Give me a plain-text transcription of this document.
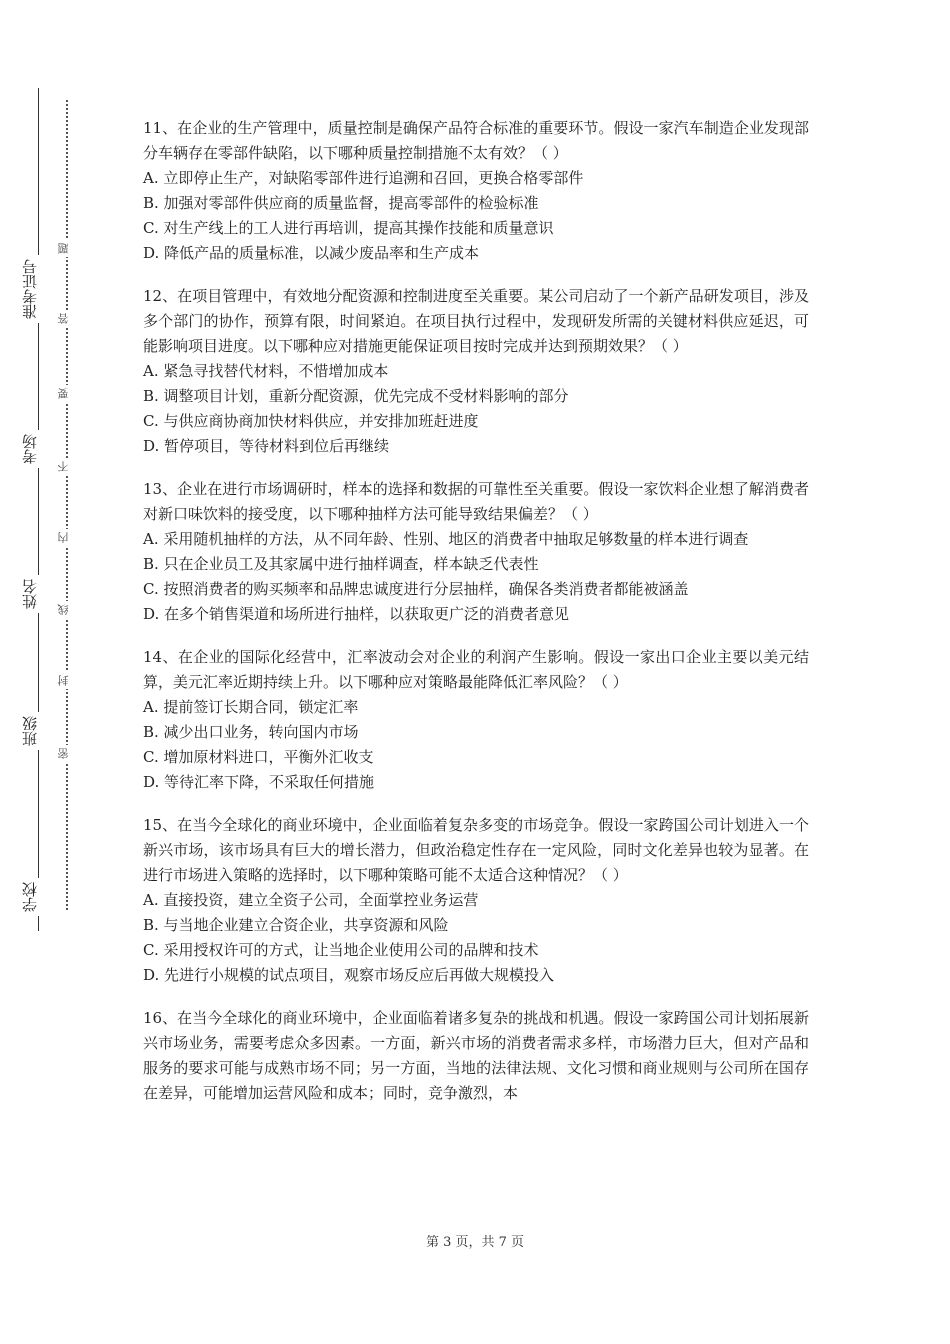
准考证号
考场
姓名
班级
学校
题
答
要
不
内
线
封
密

11、在企业的生产管理中，质量控制是确保产品符合标准的重要环节。假设一家汽车制造企业发现部分车辆存在零部件缺陷，以下哪种质量控制措施不太有效？（ ）

A. 立即停止生产，对缺陷零部件进行追溯和召回，更换合格零部件

B. 加强对零部件供应商的质量监督，提高零部件的检验标准

C. 对生产线上的工人进行再培训，提高其操作技能和质量意识

D. 降低产品的质量标准，以减少废品率和生产成本

12、在项目管理中，有效地分配资源和控制进度至关重要。某公司启动了一个新产品研发项目，涉及多个部门的协作，预算有限，时间紧迫。在项目执行过程中，发现研发所需的关键材料供应延迟，可能影响项目进度。以下哪种应对措施更能保证项目按时完成并达到预期效果？（ ）

A. 紧急寻找替代材料，不惜增加成本

B. 调整项目计划，重新分配资源，优先完成不受材料影响的部分

C. 与供应商协商加快材料供应，并安排加班赶进度

D. 暂停项目，等待材料到位后再继续

13、企业在进行市场调研时，样本的选择和数据的可靠性至关重要。假设一家饮料企业想了解消费者对新口味饮料的接受度，以下哪种抽样方法可能导致结果偏差？（ ）

A. 采用随机抽样的方法，从不同年龄、性别、地区的消费者中抽取足够数量的样本进行调查

B. 只在企业员工及其家属中进行抽样调查，样本缺乏代表性

C. 按照消费者的购买频率和品牌忠诚度进行分层抽样，确保各类消费者都能被涵盖

D. 在多个销售渠道和场所进行抽样，以获取更广泛的消费者意见

14、在企业的国际化经营中，汇率波动会对企业的利润产生影响。假设一家出口企业主要以美元结算，美元汇率近期持续上升。以下哪种应对策略最能降低汇率风险？（ ）

A. 提前签订长期合同，锁定汇率

B. 减少出口业务，转向国内市场

C. 增加原材料进口，平衡外汇收支

D. 等待汇率下降，不采取任何措施

15、在当今全球化的商业环境中，企业面临着复杂多变的市场竞争。假设一家跨国公司计划进入一个新兴市场，该市场具有巨大的增长潜力，但政治稳定性存在一定风险，同时文化差异也较为显著。在进行市场进入策略的选择时，以下哪种策略可能不太适合这种情况？（ ）

A. 直接投资，建立全资子公司，全面掌控业务运营

B. 与当地企业建立合资企业，共享资源和风险

C. 采用授权许可的方式，让当地企业使用公司的品牌和技术

D. 先进行小规模的试点项目，观察市场反应后再做大规模投入

16、在当今全球化的商业环境中，企业面临着诸多复杂的挑战和机遇。假设一家跨国公司计划拓展新兴市场业务，需要考虑众多因素。一方面，新兴市场的消费者需求多样，市场潜力巨大，但对产品和服务的要求可能与成熟市场不同；另一方面，当地的法律法规、文化习惯和商业规则与公司所在国存在差异，可能增加运营风险和成本；同时，竞争激烈，本

第 3 页，共 7 页
